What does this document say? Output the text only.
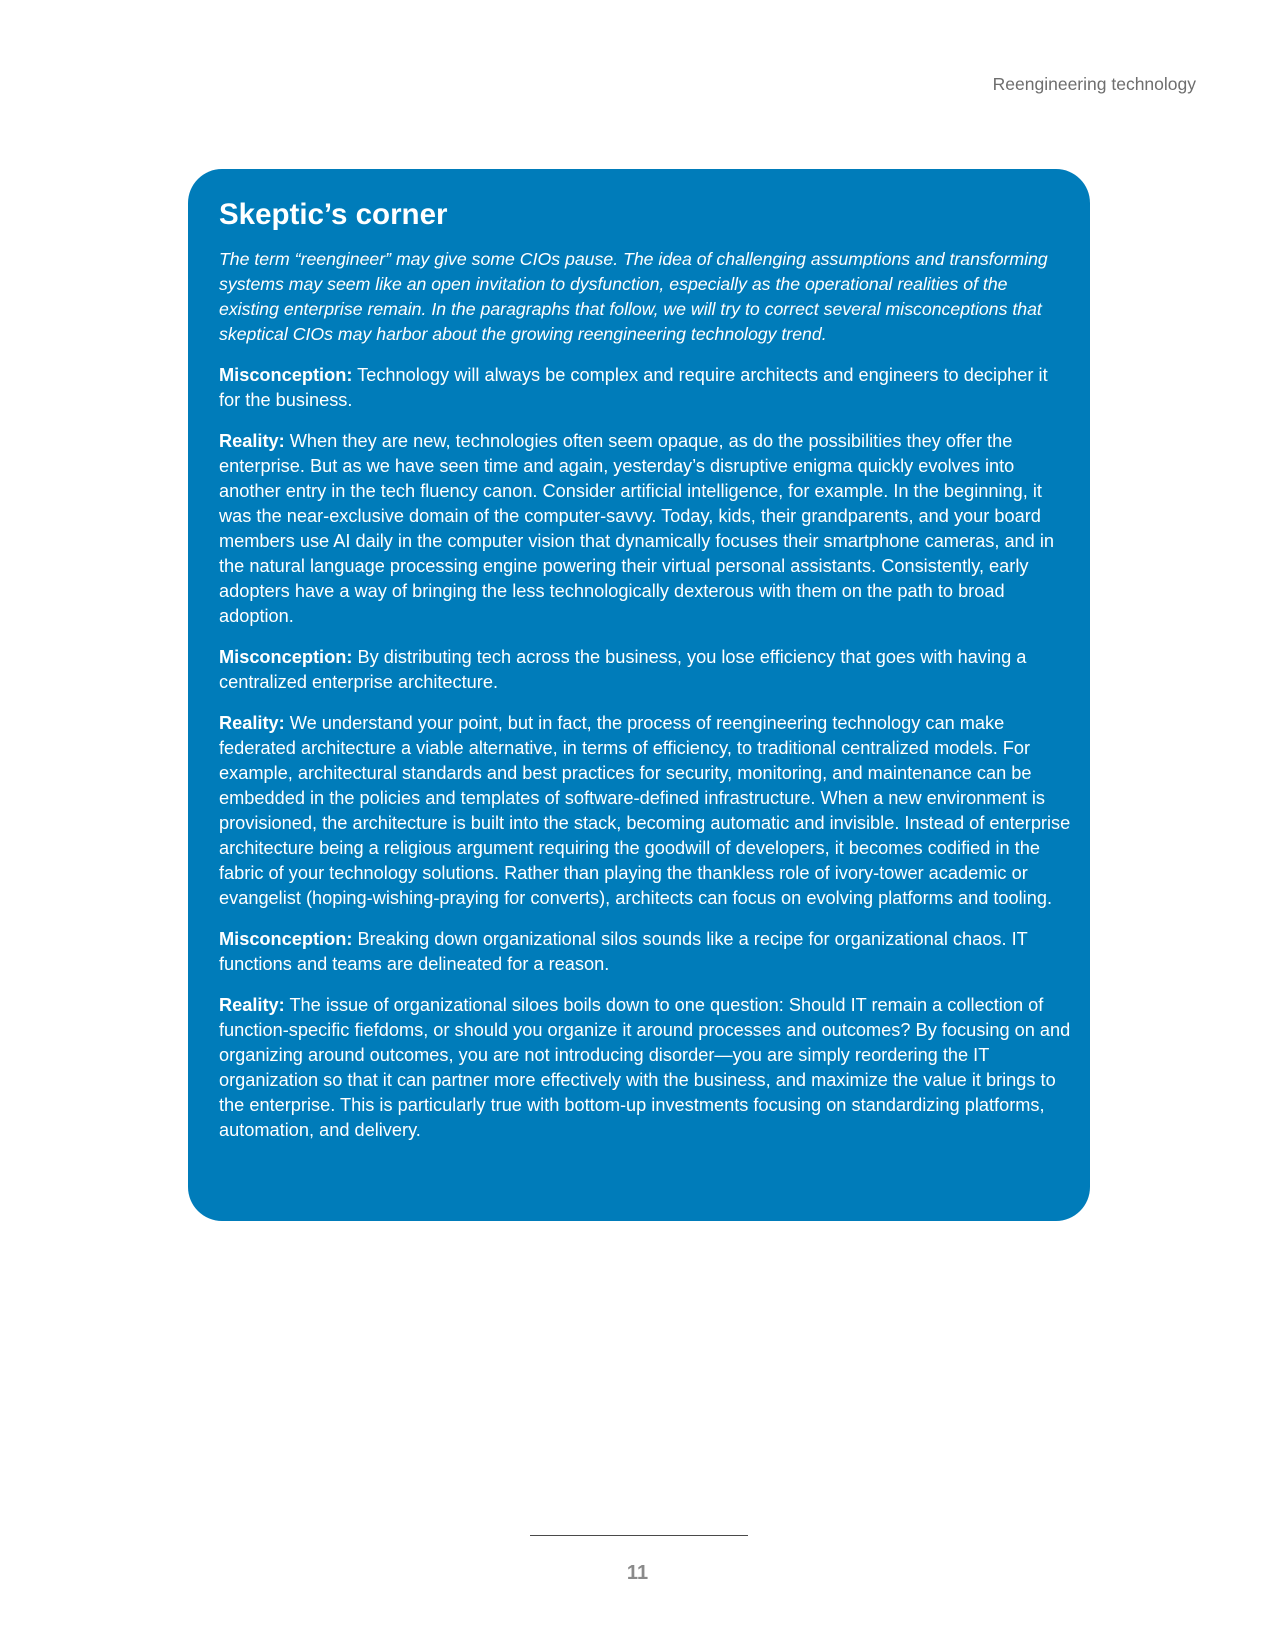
Reengineering technology
Skeptic’s corner

The term “reengineer” may give some CIOs pause. The idea of challenging assumptions and transforming systems may seem like an open invitation to dysfunction, especially as the operational realities of the existing enterprise remain. In the paragraphs that follow, we will try to correct several misconceptions that skeptical CIOs may harbor about the growing reengineering technology trend.

Misconception: Technology will always be complex and require architects and engineers to decipher it for the business.

Reality: When they are new, technologies often seem opaque, as do the possibilities they offer the enterprise. But as we have seen time and again, yesterday’s disruptive enigma quickly evolves into another entry in the tech fluency canon. Consider artificial intelligence, for example. In the beginning, it was the near-exclusive domain of the computer-savvy. Today, kids, their grandparents, and your board members use AI daily in the computer vision that dynamically focuses their smartphone cameras, and in the natural language processing engine powering their virtual personal assistants. Consistently, early adopters have a way of bringing the less technologically dexterous with them on the path to broad adoption.

Misconception: By distributing tech across the business, you lose efficiency that goes with having a centralized enterprise architecture.

Reality: We understand your point, but in fact, the process of reengineering technology can make federated architecture a viable alternative, in terms of efficiency, to traditional centralized models. For example, architectural standards and best practices for security, monitoring, and maintenance can be embedded in the policies and templates of software-defined infrastructure. When a new environment is provisioned, the architecture is built into the stack, becoming automatic and invisible. Instead of enterprise architecture being a religious argument requiring the goodwill of developers, it becomes codified in the fabric of your technology solutions. Rather than playing the thankless role of ivory-tower academic or evangelist (hoping-wishing-praying for converts), architects can focus on evolving platforms and tooling.

Misconception: Breaking down organizational silos sounds like a recipe for organizational chaos. IT functions and teams are delineated for a reason.

Reality: The issue of organizational siloes boils down to one question: Should IT remain a collection of function-specific fiefdoms, or should you organize it around processes and outcomes? By focusing on and organizing around outcomes, you are not introducing disorder—you are simply reordering the IT organization so that it can partner more effectively with the business, and maximize the value it brings to the enterprise. This is particularly true with bottom-up investments focusing on standardizing platforms, automation, and delivery.

11
